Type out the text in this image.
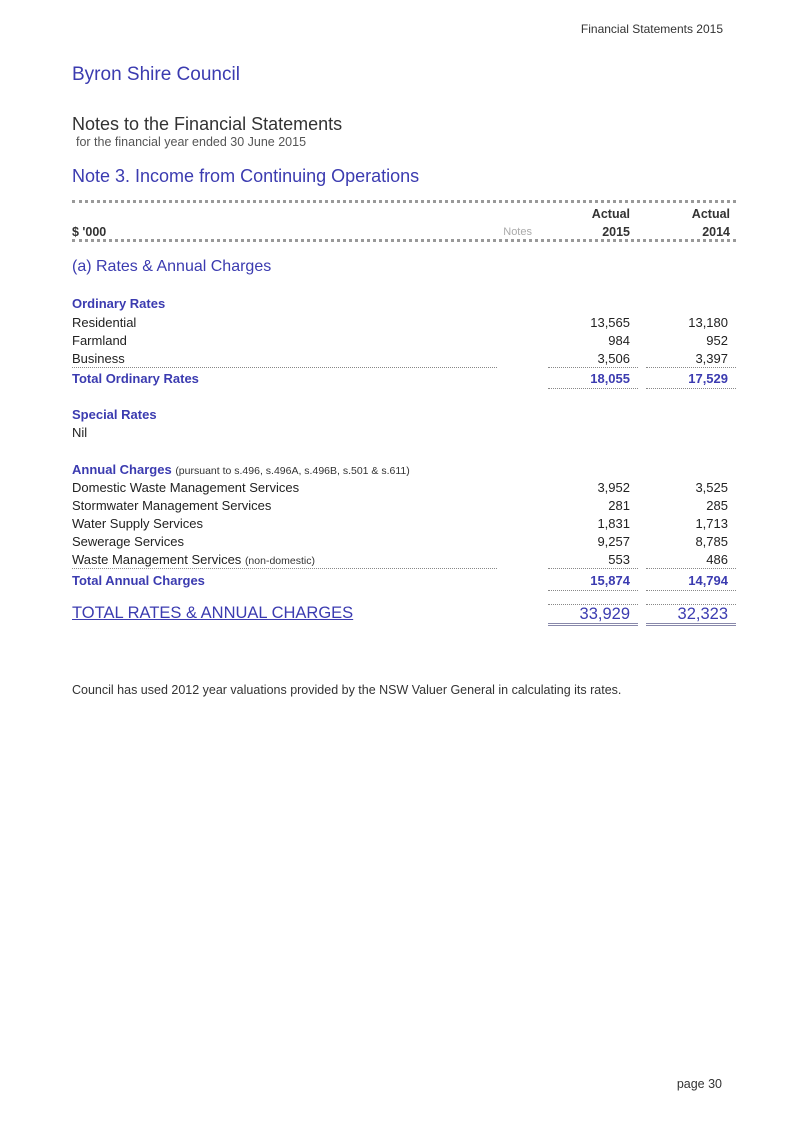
Financial Statements 2015
Byron Shire Council
Notes to the Financial Statements
for the financial year ended 30 June 2015
Note 3. Income from Continuing Operations
Actual	Actual
$ '000	Notes	2015	2014
(a) Rates & Annual Charges
Ordinary Rates
Residential	13,565	13,180
Farmland	984	952
Business	3,506	3,397
Total Ordinary Rates	18,055	17,529
Special Rates
Nil
Annual Charges (pursuant to s.496, s.496A, s.496B, s.501 & s.611)
Domestic Waste Management Services	3,952	3,525
Stormwater Management Services	281	285
Water Supply Services	1,831	1,713
Sewerage Services	9,257	8,785
Waste Management Services (non-domestic)	553	486
Total Annual Charges	15,874	14,794
TOTAL RATES & ANNUAL CHARGES	33,929	32,323
Council has used 2012 year valuations provided by the NSW Valuer General in calculating its rates.
page 30
